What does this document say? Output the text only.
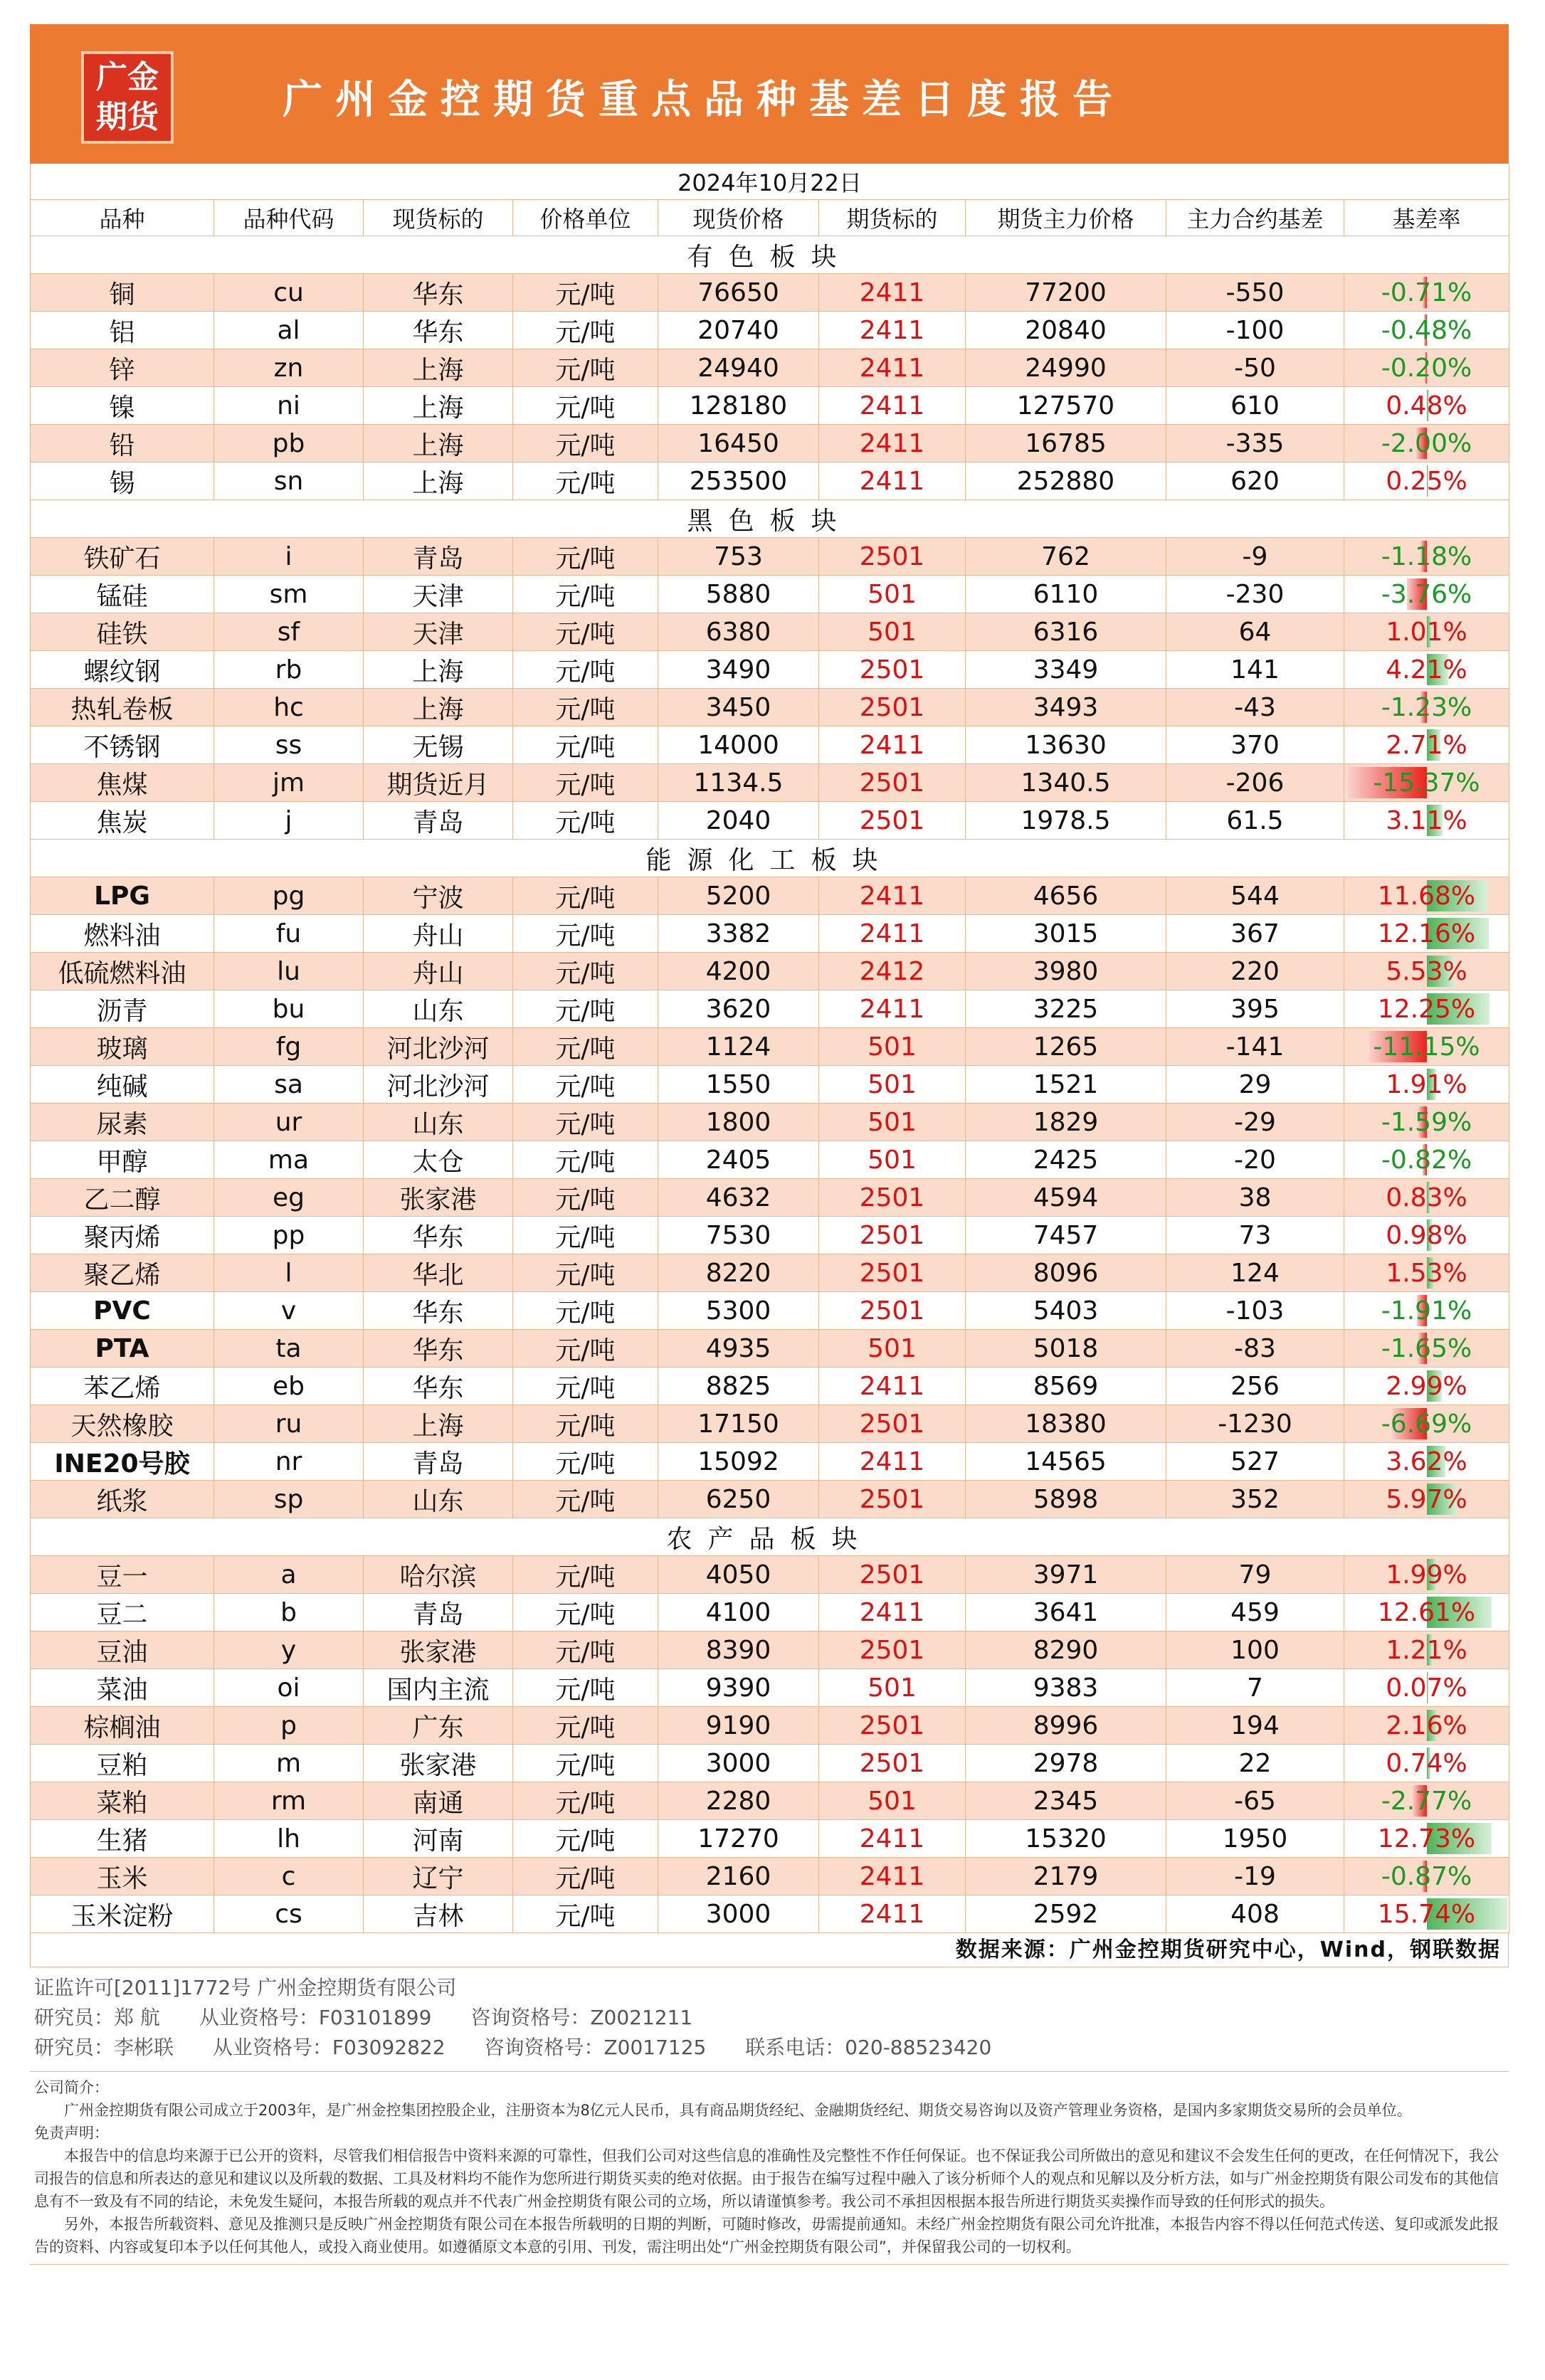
广金
期货	广州金控期货重点品种基差日度报告
2024年10月22日								
品种	品种代码	现货标的	价格单位	现货价格	期货标的	期货主力价格	主力合约基差	基差率
有色板块								
铜	cu	华东	元/吨	76650	2411	77200	-550	-0.71%
铝	al	华东	元/吨	20740	2411	20840	-100	-0.48%
锌	zn	上海	元/吨	24940	2411	24990	-50	-0.20%
镍	ni	上海	元/吨	128180	2411	127570	610	0.48%
铅	pb	上海	元/吨	16450	2411	16785	-335	-2.00%
锡	sn	上海	元/吨	253500	2411	252880	620	0.25%
黑色板块								
铁矿石	i	青岛	元/吨	753	2501	762	-9	-1.18%
锰硅	sm	天津	元/吨	5880	501	6110	-230	-3.76%
硅铁	sf	天津	元/吨	6380	501	6316	64	1.01%
螺纹钢	rb	上海	元/吨	3490	2501	3349	141	4.21%
热轧卷板	hc	上海	元/吨	3450	2501	3493	-43	-1.23%
不锈钢	ss	无锡	元/吨	14000	2411	13630	370	2.71%
焦煤	jm	期货近月	元/吨	1134.5	2501	1340.5	-206	-15.37%
焦炭	j	青岛	元/吨	2040	2501	1978.5	61.5	3.11%
能源化工板块								
LPG	pg	宁波	元/吨	5200	2411	4656	544	11.68%
燃料油	fu	舟山	元/吨	3382	2411	3015	367	12.16%
低硫燃料油	lu	舟山	元/吨	4200	2412	3980	220	5.53%
沥青	bu	山东	元/吨	3620	2411	3225	395	12.25%
玻璃	fg	河北沙河	元/吨	1124	501	1265	-141	-11.15%
纯碱	sa	河北沙河	元/吨	1550	501	1521	29	1.91%
尿素	ur	山东	元/吨	1800	501	1829	-29	-1.59%
甲醇	ma	太仓	元/吨	2405	501	2425	-20	-0.82%
乙二醇	eg	张家港	元/吨	4632	2501	4594	38	0.83%
聚丙烯	pp	华东	元/吨	7530	2501	7457	73	0.98%
聚乙烯	l	华北	元/吨	8220	2501	8096	124	1.53%
PVC	v	华东	元/吨	5300	2501	5403	-103	-1.91%
PTA	ta	华东	元/吨	4935	501	5018	-83	-1.65%
苯乙烯	eb	华东	元/吨	8825	2411	8569	256	2.99%
天然橡胶	ru	上海	元/吨	17150	2501	18380	-1230	-6.69%
INE20号胶	nr	青岛	元/吨	15092	2411	14565	527	3.62%
纸浆	sp	山东	元/吨	6250	2501	5898	352	5.97%
农产品板块								
豆一	a	哈尔滨	元/吨	4050	2501	3971	79	1.99%
豆二	b	青岛	元/吨	4100	2411	3641	459	12.61%
豆油	y	张家港	元/吨	8390	2501	8290	100	1.21%
菜油	oi	国内主流	元/吨	9390	501	9383	7	0.07%
棕榈油	p	广东	元/吨	9190	2501	8996	194	2.16%
豆粕	m	张家港	元/吨	3000	2501	2978	22	0.74%
菜粕	rm	南通	元/吨	2280	501	2345	-65	-2.77%
生猪	lh	河南	元/吨	17270	2411	15320	1950	12.73%
玉米	c	辽宁	元/吨	2160	2411	2179	-19	-0.87%
玉米淀粉	cs	吉林	元/吨	3000	2411	2592	408	15.74%
数据来源：广州金控期货研究中心，Wind，钢联数据
证监许可[2011]1772号 广州金控期货有限公司
研究员：郑 航 从业资格号：F03101899 咨询资格号：Z0021211
研究员：李彬联 从业资格号：F03092822 咨询资格号：Z0017125 联系电话：020-88523420

公司简介：

广州金控期货有限公司成立于2003年，是广州金控集团控股企业，注册资本为8亿元人民币，具有商品期货经纪、金融期货经纪、期货交易咨询以及资产管理业务资格，是国内多家期货交易所的会员单位。

免责声明：

本报告中的信息均来源于已公开的资料，尽管我们相信报告中资料来源的可靠性，但我们公司对这些信息的准确性及完整性不作任何保证。也不保证我公司所做出的意见和建议不会发生任何的更改，在任何情况下，我公司报告的信息和所表达的意见和建议以及所载的数据、工具及材料均不能作为您所进行期货买卖的绝对依据。由于报告在编写过程中融入了该分析师个人的观点和见解以及分析方法，如与广州金控期货有限公司发布的其他信息有不一致及有不同的结论，未免发生疑问，本报告所载的观点并不代表广州金控期货有限公司的立场，所以请谨慎参考。我公司不承担因根据本报告所进行期货买卖操作而导致的任何形式的损失。

另外，本报告所载资料、意见及推测只是反映广州金控期货有限公司在本报告所载明的日期的判断，可随时修改，毋需提前通知。未经广州金控期货有限公司允许批准，本报告内容不得以任何范式传送、复印或派发此报告的资料、内容或复印本予以任何其他人，或投入商业使用。如遵循原文本意的引用、刊发，需注明出处“广州金控期货有限公司”，并保留我公司的一切权利。
